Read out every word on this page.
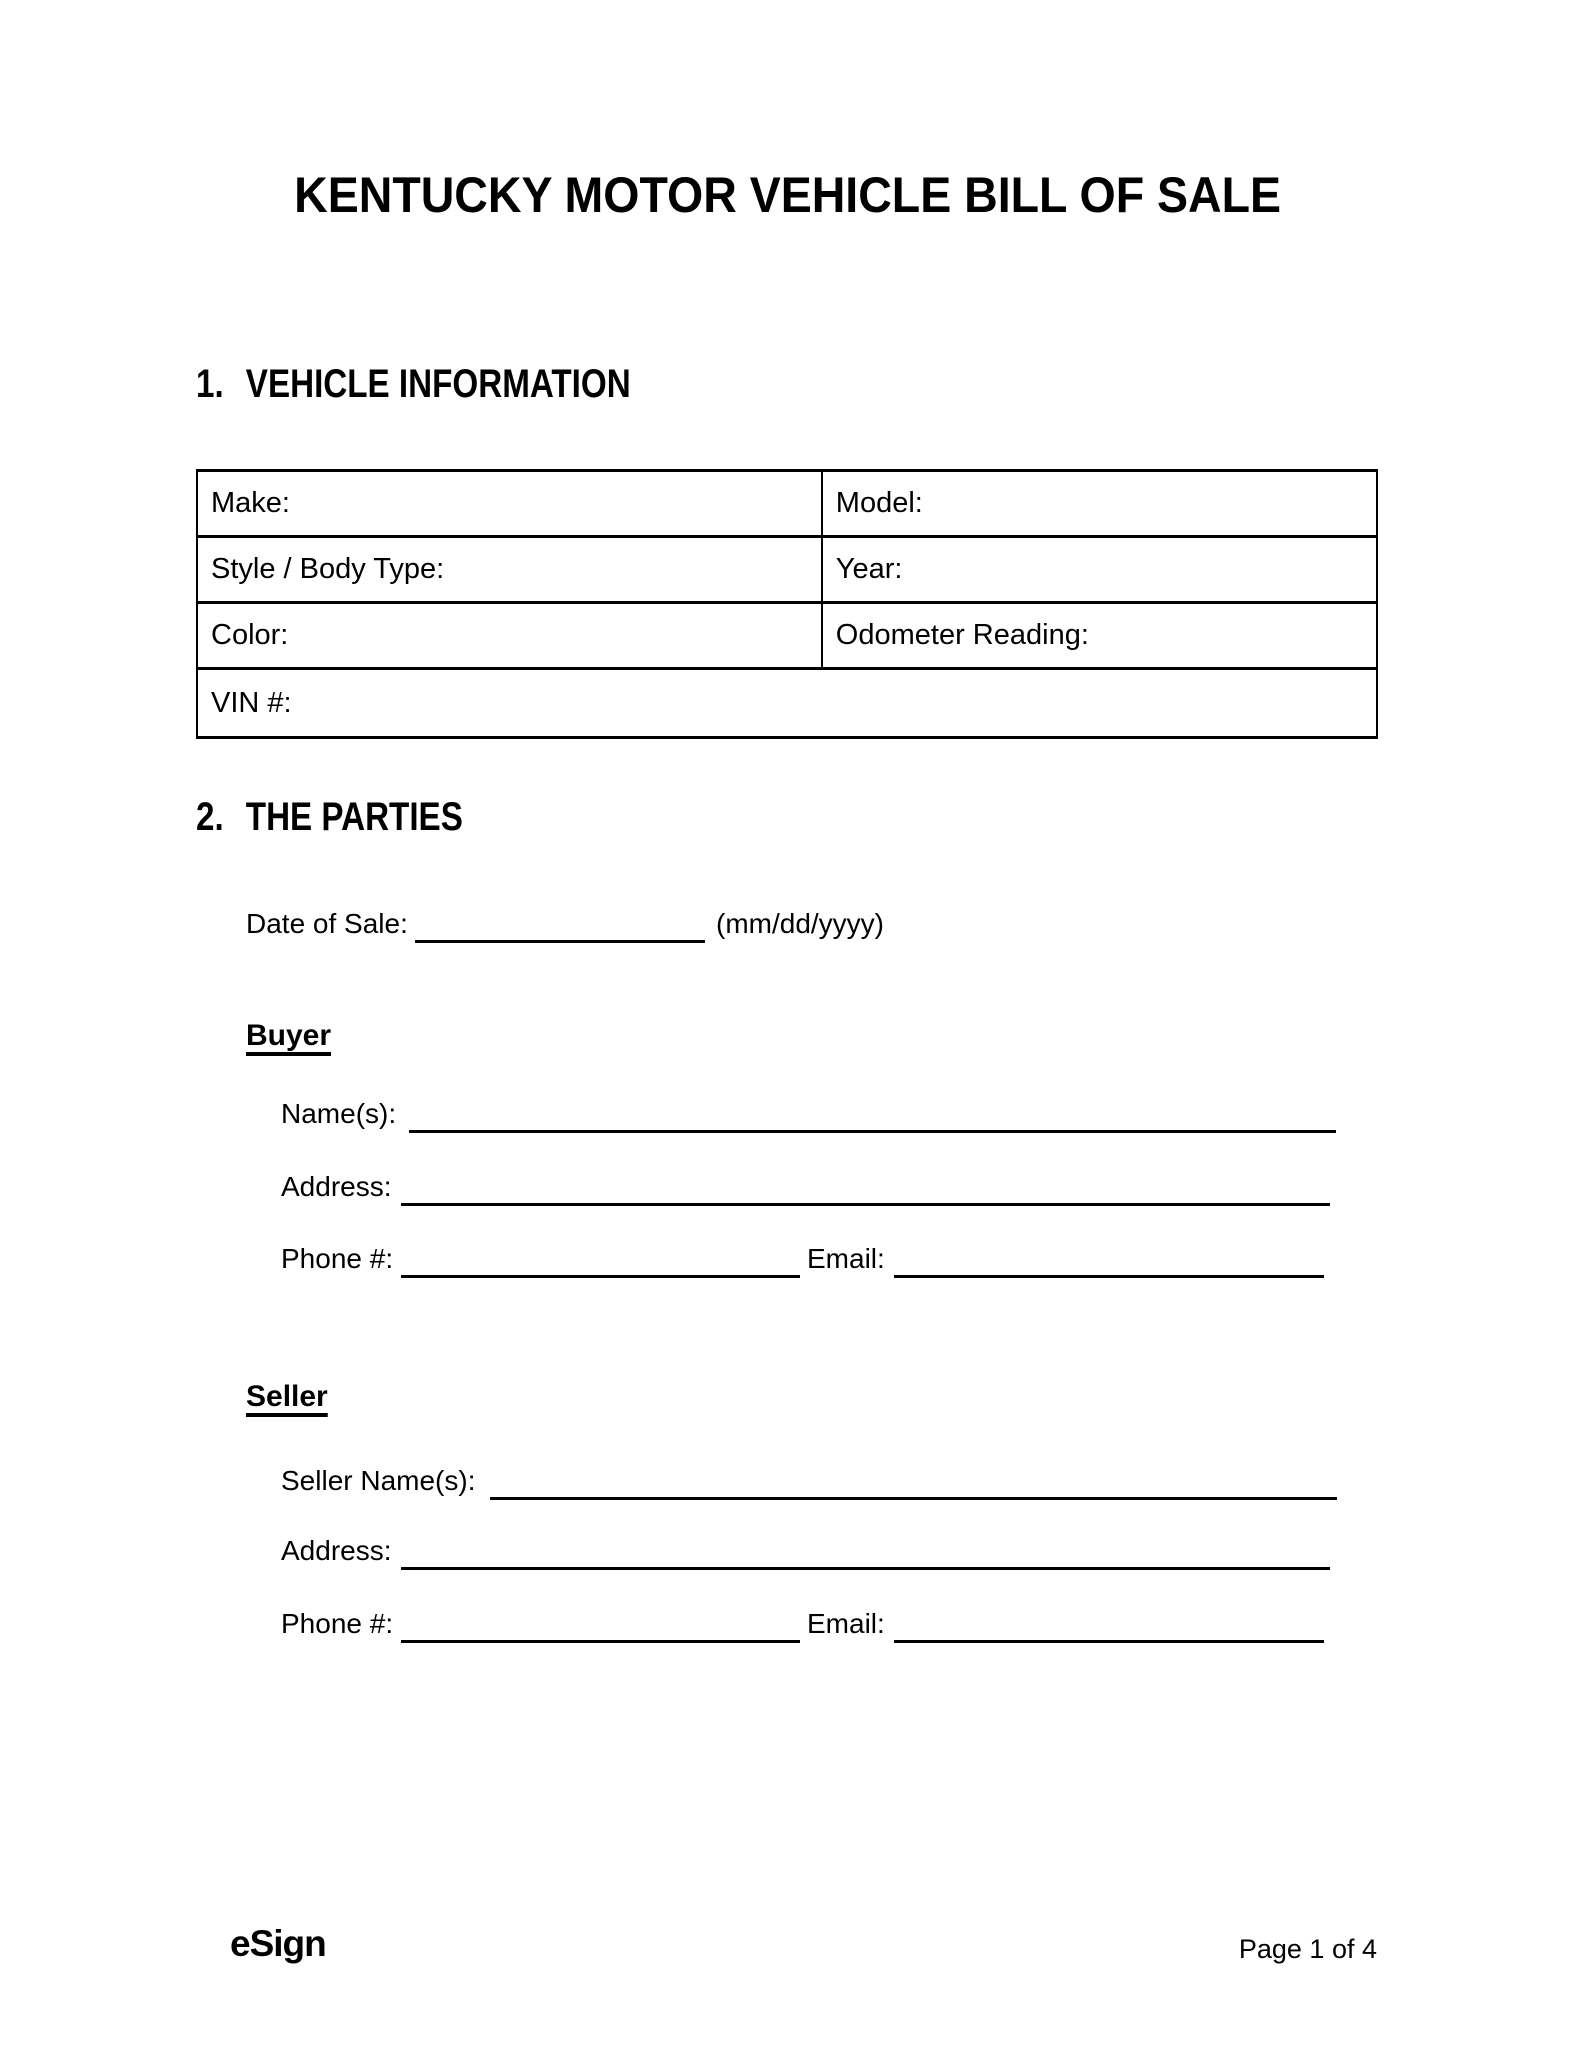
KENTUCKY MOTOR VEHICLE BILL OF SALE
1. VEHICLE INFORMATION
Make:	Model:
Style / Body Type:	Year:
Color:	Odometer Reading:
VIN #:	
2. THE PARTIES
Date of Sale:	(mm/dd/yyyy)
Buyer
Name(s):
Address:
Phone #:	Email:
Seller
Seller Name(s):
Address:
Phone #:	Email:
eSign	Page 1 of 4
